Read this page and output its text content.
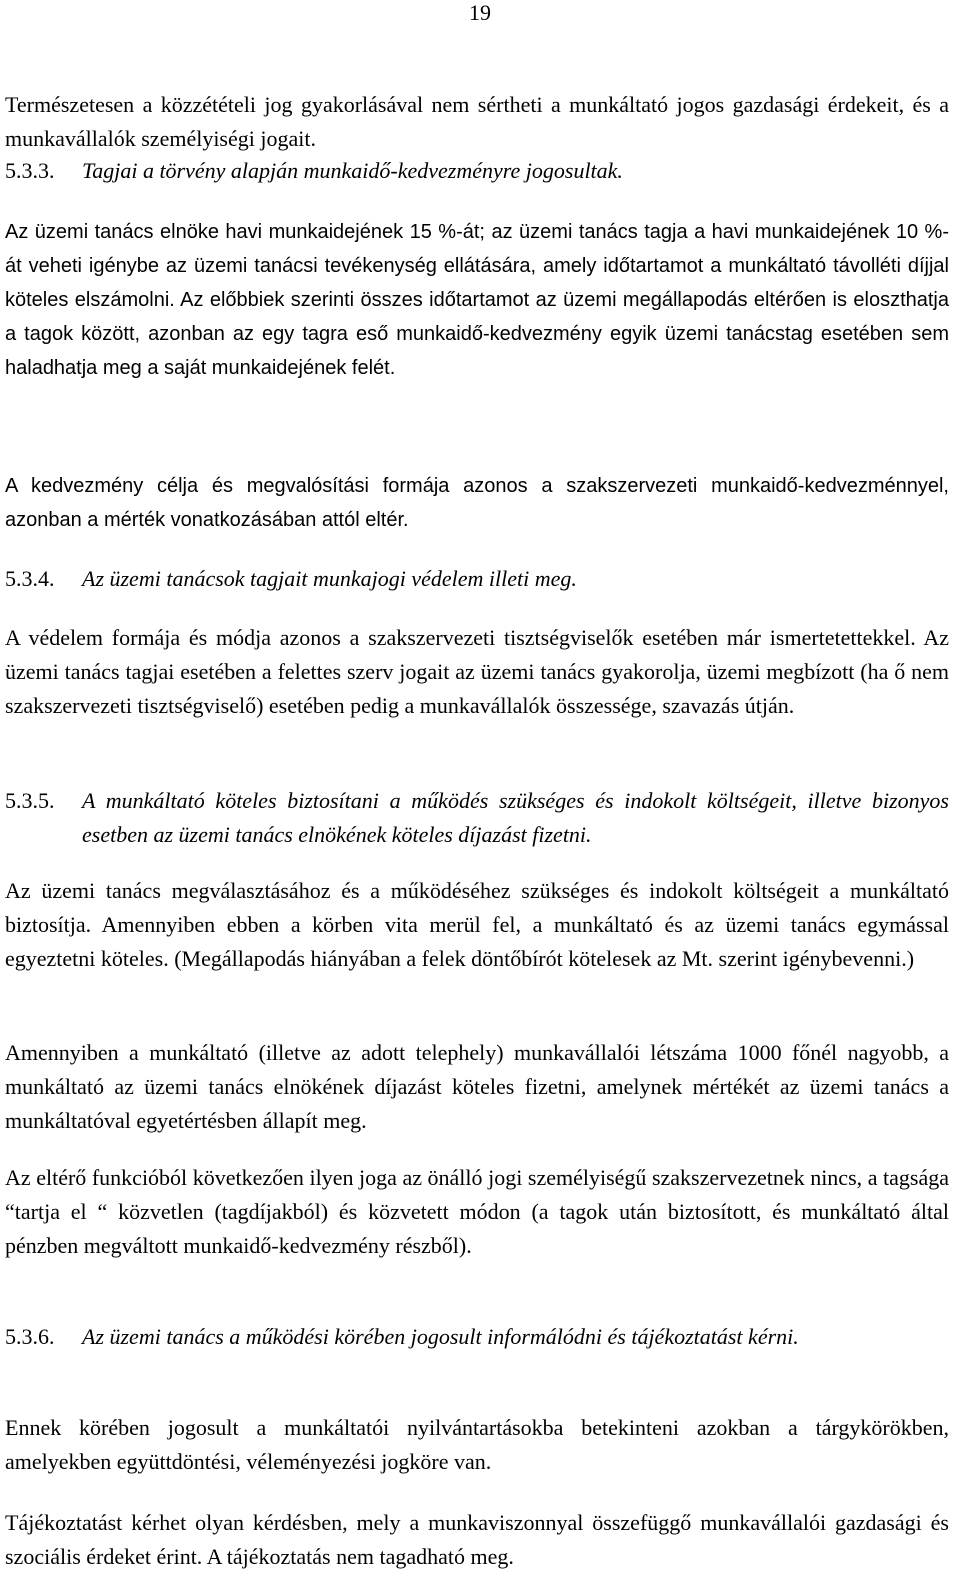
19
Természetesen a közzétételi jog gyakorlásával nem sértheti a munkáltató jogos gazdasági érdekeit, és a munkavállalók személyiségi jogait.
5.3.3.	Tagjai a törvény alapján munkaidő-kedvezményre jogosultak.
Az üzemi tanács elnöke havi munkaidejének 15 %-át; az üzemi tanács tagja a havi munkaidejének 10 %-át veheti igénybe az üzemi tanácsi tevékenység ellátására, amely időtartamot a munkáltató távolléti díjjal köteles elszámolni. Az előbbiek szerinti összes időtartamot az üzemi megállapodás eltérően is eloszthatja a tagok között, azonban az egy tagra eső munkaidő-kedvezmény egyik üzemi tanácstag esetében sem haladhatja meg a saját munkaidejének felét.
A kedvezmény célja és megvalósítási formája azonos a szakszervezeti munkaidő-kedvezménnyel, azonban a mérték vonatkozásában attól eltér.
5.3.4.	Az üzemi tanácsok tagjait munkajogi védelem illeti meg.
A védelem formája és módja azonos a szakszervezeti tisztségviselők esetében már ismertetettekkel. Az üzemi tanács tagjai esetében a felettes szerv jogait az üzemi tanács gyakorolja, üzemi megbízott (ha ő nem szakszervezeti tisztségviselő) esetében pedig a munkavállalók összessége, szavazás útján.
5.3.5.	A munkáltató köteles biztosítani a működés szükséges és indokolt költségeit, illetve bizonyos esetben az üzemi tanács elnökének köteles díjazást fizetni.
Az üzemi tanács megválasztásához és a működéséhez szükséges és indokolt költségeit a munkáltató biztosítja. Amennyiben ebben a körben vita merül fel, a munkáltató és az üzemi tanács egymással egyeztetni köteles. (Megállapodás hiányában a felek döntőbírót kötelesek az Mt. szerint igénybevenni.)
Amennyiben a munkáltató (illetve az adott telephely) munkavállalói létszáma 1000 főnél nagyobb, a munkáltató az üzemi tanács elnökének díjazást köteles fizetni, amelynek mértékét az üzemi tanács a munkáltatóval egyetértésben állapít meg.
Az eltérő funkcióból következően ilyen joga az önálló jogi személyiségű szakszervezetnek nincs, a tagsága “tartja el “ közvetlen (tagdíjakból) és közvetett módon (a tagok után biztosított, és munkáltató által pénzben megváltott munkaidő-kedvezmény részből).
5.3.6.	Az üzemi tanács a működési körében jogosult informálódni és tájékoztatást kérni.
Ennek körében jogosult a munkáltatói nyilvántartásokba betekinteni azokban a tárgykörökben, amelyekben együttdöntési, véleményezési jogköre van.
Tájékoztatást kérhet olyan kérdésben, mely a munkaviszonnyal összefüggő munkavállalói gazdasági és szociális érdeket érint. A tájékoztatás nem tagadható meg.
